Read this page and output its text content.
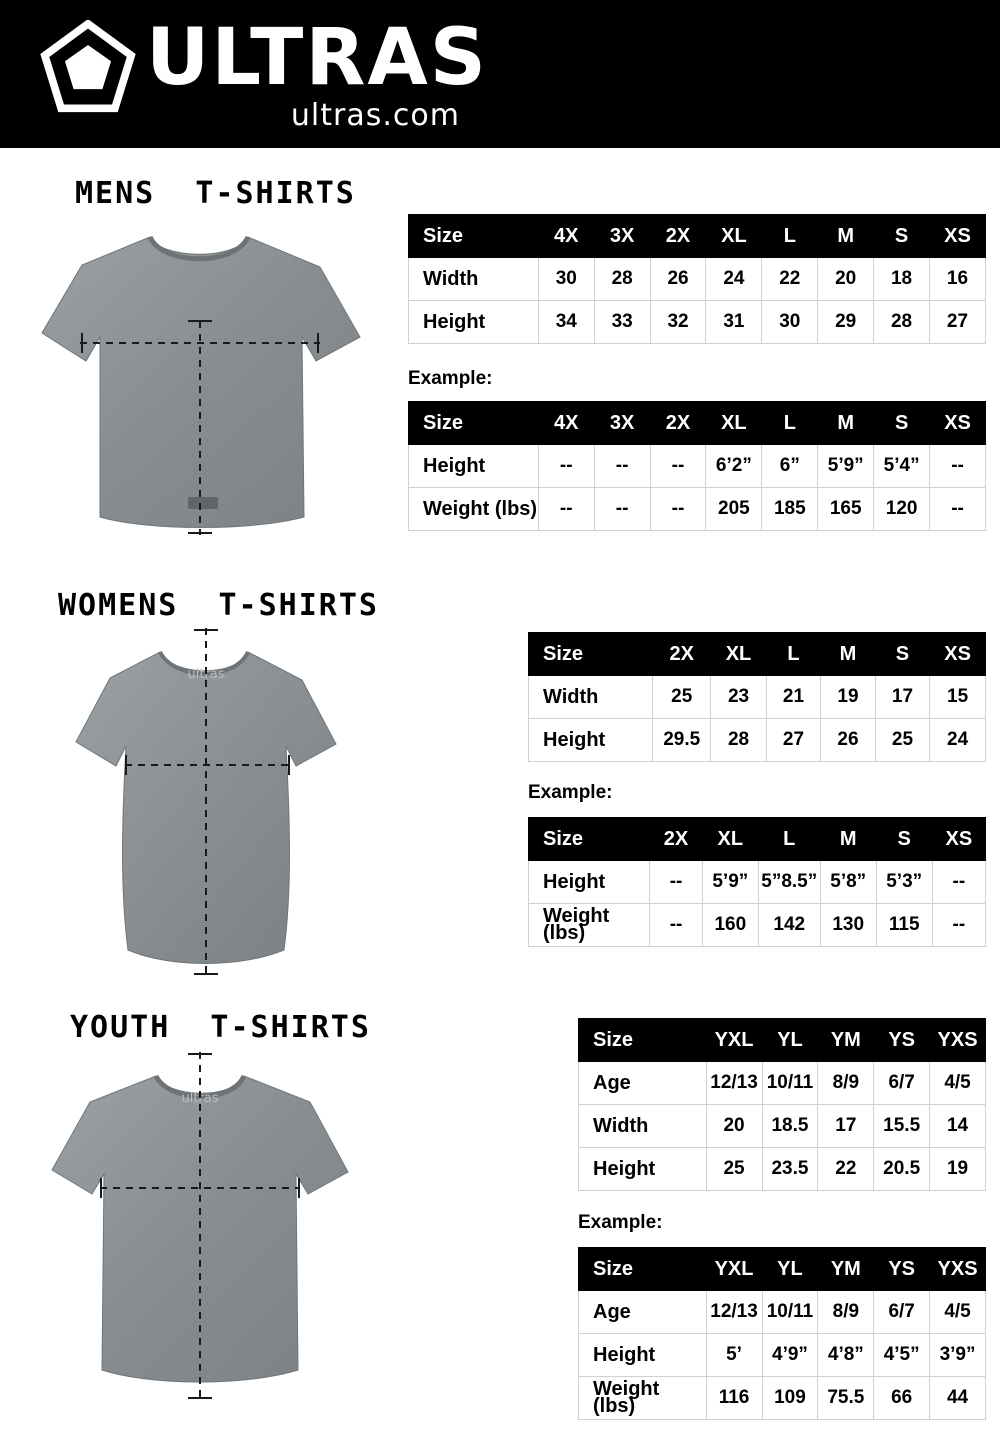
ULTRAS
ultras.com
MENS  T-SHIRTS
Size	4X	3X	2X	XL	L	M	S	XS
Width	30	28	26	24	22	20	18	16
Height	34	33	32	31	30	29	28	27
Example:
Size	4X	3X	2X	XL	L	M	S	XS
Height	--	--	--	6’2”	6”	5’9”	5’4”	--
Weight (lbs)	--	--	--	205	185	165	120	--
WOMENS  T-SHIRTS
ultras
Size	2X	XL	L	M	S	XS
Width	25	23	21	19	17	15
Height	29.5	28	27	26	25	24
Example:
Size	2X	XL	L	M	S	XS
Height	--	5’9”	5”8.5”	5’8”	5’3”	--
Weight (lbs)	--	160	142	130	115	--
YOUTH  T-SHIRTS
ultras
Size	YXL	YL	YM	YS	YXS
Age	12/13	10/11	8/9	6/7	4/5
Width	20	18.5	17	15.5	14
Height	25	23.5	22	20.5	19
Example:
Size	YXL	YL	YM	YS	YXS
Age	12/13	10/11	8/9	6/7	4/5
Height	5’	4’9”	4’8”	4’5”	3’9”
Weight (lbs)	116	109	75.5	66	44
